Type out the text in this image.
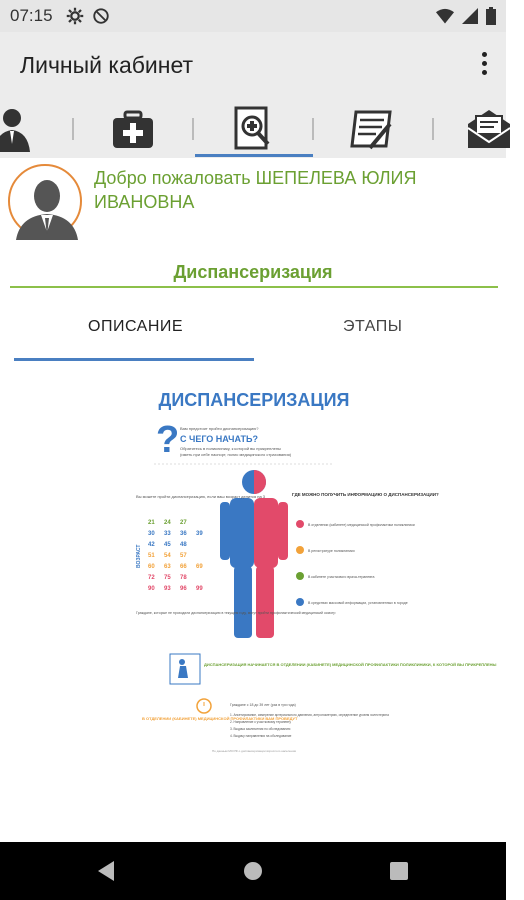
07:15
Личный кабинет
Добро пожаловать ШЕПЕЛЕВА ЮЛИЯ ИВАНОВНА
Диспансеризация
ОПИСАНИЕ	ЭТАПЫ
ДИСПАНСЕРИЗАЦИЯ
? Вам предстоит пройти диспансеризацию?
С ЧЕГО НАЧАТЬ?
Обратитесь в поликлинику, к которой вы прикреплены
(иметь при себе паспорт, полис медицинского страхования)
Вы можете пройти диспансеризацию, если ваш возраст делится на 3
ВОЗРАСТ
21 24 27
30 33 36 39
42 45 48
51 54 57
60 63 66 69
72 75 78
90 93 96 99
Граждане, которые не проходили диспансеризацию в текущем году, могут пройти профилактический медицинский осмотр
ГДЕ МОЖНО ПОЛУЧИТЬ ИНФОРМАЦИЮ О ДИСПАНСЕРИЗАЦИИ?
В отделении (кабинете) медицинской профилактики поликлиники
В регистратуре поликлиники
В кабинете участкового врача-терапевта
В средствах массовой информации, установленных в городе
ДИСПАНСЕРИЗАЦИЯ НАЧИНАЕТСЯ В ОТДЕЛЕНИИ (КАБИНЕТЕ) МЕДИЦИНСКОЙ ПРОФИЛАКТИКИ ПОЛИКЛИНИКИ, К КОТОРОЙ ВЫ ПРИКРЕПЛЕНЫ
В ОТДЕЛЕНИИ (КАБИНЕТЕ) МЕДИЦИНСКОЙ ПРОФИЛАКТИКИ ВАМ ПРОВЕДУТ
Граждане с 18 до 39 лет (раз в три года)
1. Анкетирование, измерение артериального давления, антропометрию, определение уровня холестерина
2. Направление к участковому терапевту
3. Выдача заключения по обследованию
4. Выдачу направления на обследование
По данным МЗ РФ о диспансеризации взрослого населения
